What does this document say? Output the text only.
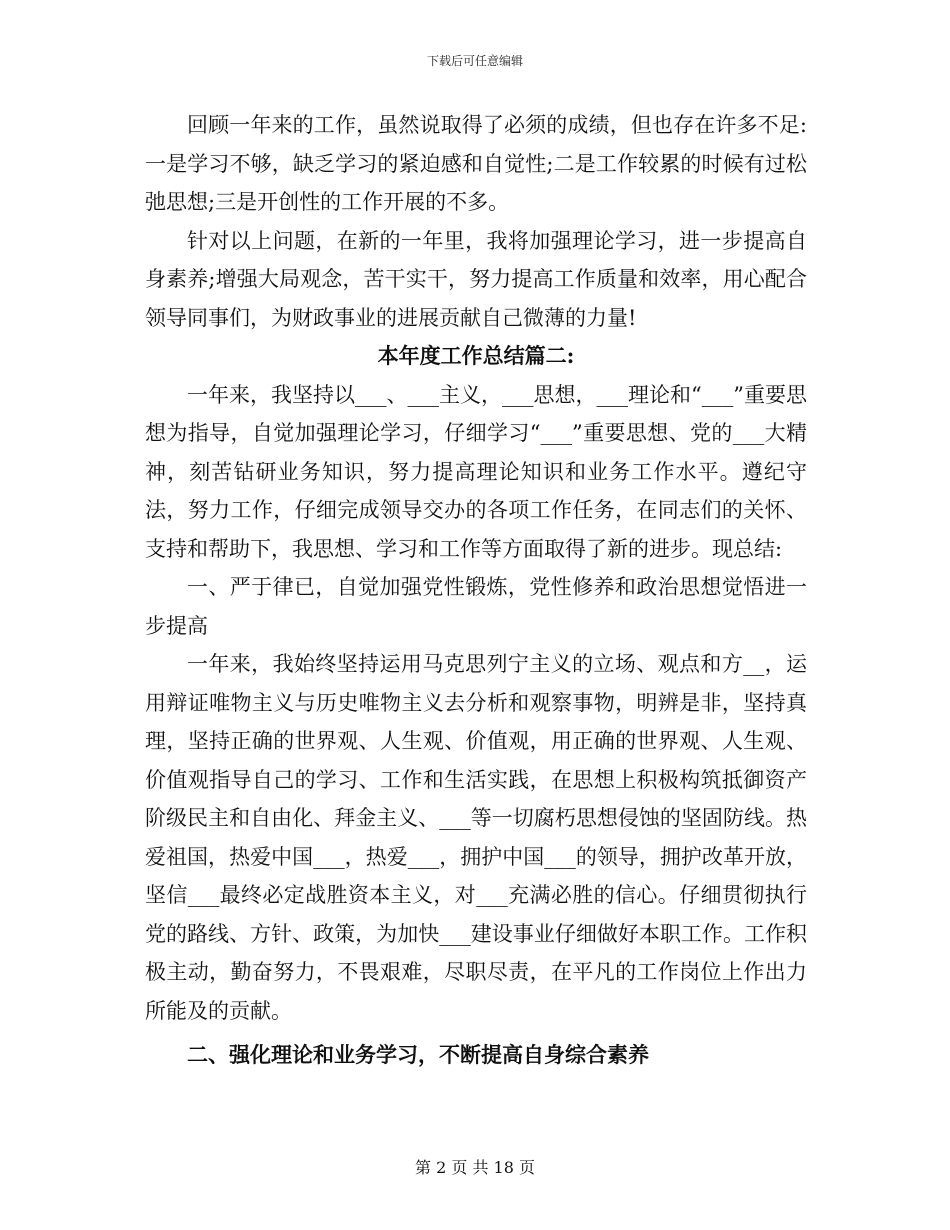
下载后可任意编辑

回顾一年来的工作，虽然说取得了必须的成绩，但也存在许多不足:一是学习不够，缺乏学习的紧迫感和自觉性;二是工作较累的时候有过松弛思想;三是开创性的工作开展的不多。

针对以上问题，在新的一年里，我将加强理论学习，进一步提高自身素养;增强大局观念，苦干实干，努力提高工作质量和效率，用心配合领导同事们，为财政事业的进展贡献自己微薄的力量!

本年度工作总结篇二:

一年来，我坚持以___、___主义，___思想，___理论和“___”重要思想为指导，自觉加强理论学习，仔细学习“___”重要思想、党的___大精神，刻苦钻研业务知识，努力提高理论知识和业务工作水平。遵纪守法，努力工作，仔细完成领导交办的各项工作任务，在同志们的关怀、支持和帮助下，我思想、学习和工作等方面取得了新的进步。现总结:

一、严于律已，自觉加强党性锻炼，党性修养和政治思想觉悟进一步提高

一年来，我始终坚持运用马克思列宁主义的立场、观点和方__，运用辩证唯物主义与历史唯物主义去分析和观察事物，明辨是非，坚持真理，坚持正确的世界观、人生观、价值观，用正确的世界观、人生观、价值观指导自己的学习、工作和生活实践，在思想上积极构筑抵御资产阶级民主和自由化、拜金主义、___等一切腐朽思想侵蚀的坚固防线。热爱祖国，热爱中国___，热爱___，拥护中国___的领导，拥护改革开放，坚信___最终必定战胜资本主义，对___充满必胜的信心。仔细贯彻执行党的路线、方针、政策，为加快___建设事业仔细做好本职工作。工作积极主动，勤奋努力，不畏艰难，尽职尽责，在平凡的工作岗位上作出力所能及的贡献。

二、强化理论和业务学习，不断提高自身综合素养
第 2 页 共 18 页
